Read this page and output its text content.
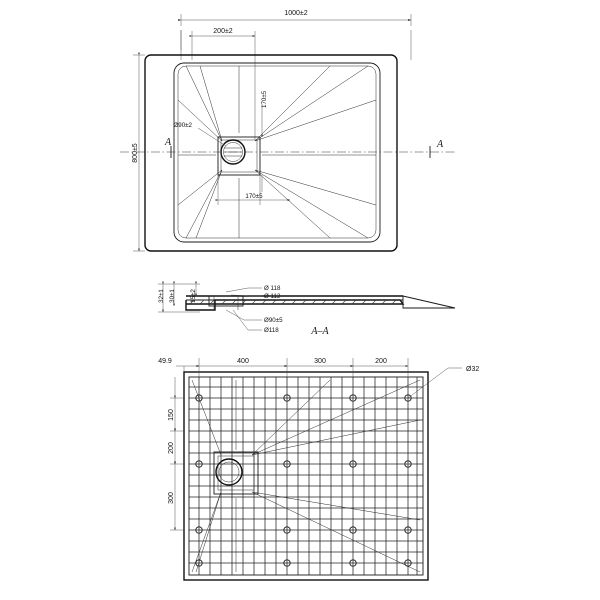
1000±2
200±2
800±5
170±5
170±5
Ø90±2
A	A
32±1 30±1 15±2
Ø 118
Ø 112
Ø90±5
Ø118	A–A
49.9	400	300	200
Ø32
150
200
300
